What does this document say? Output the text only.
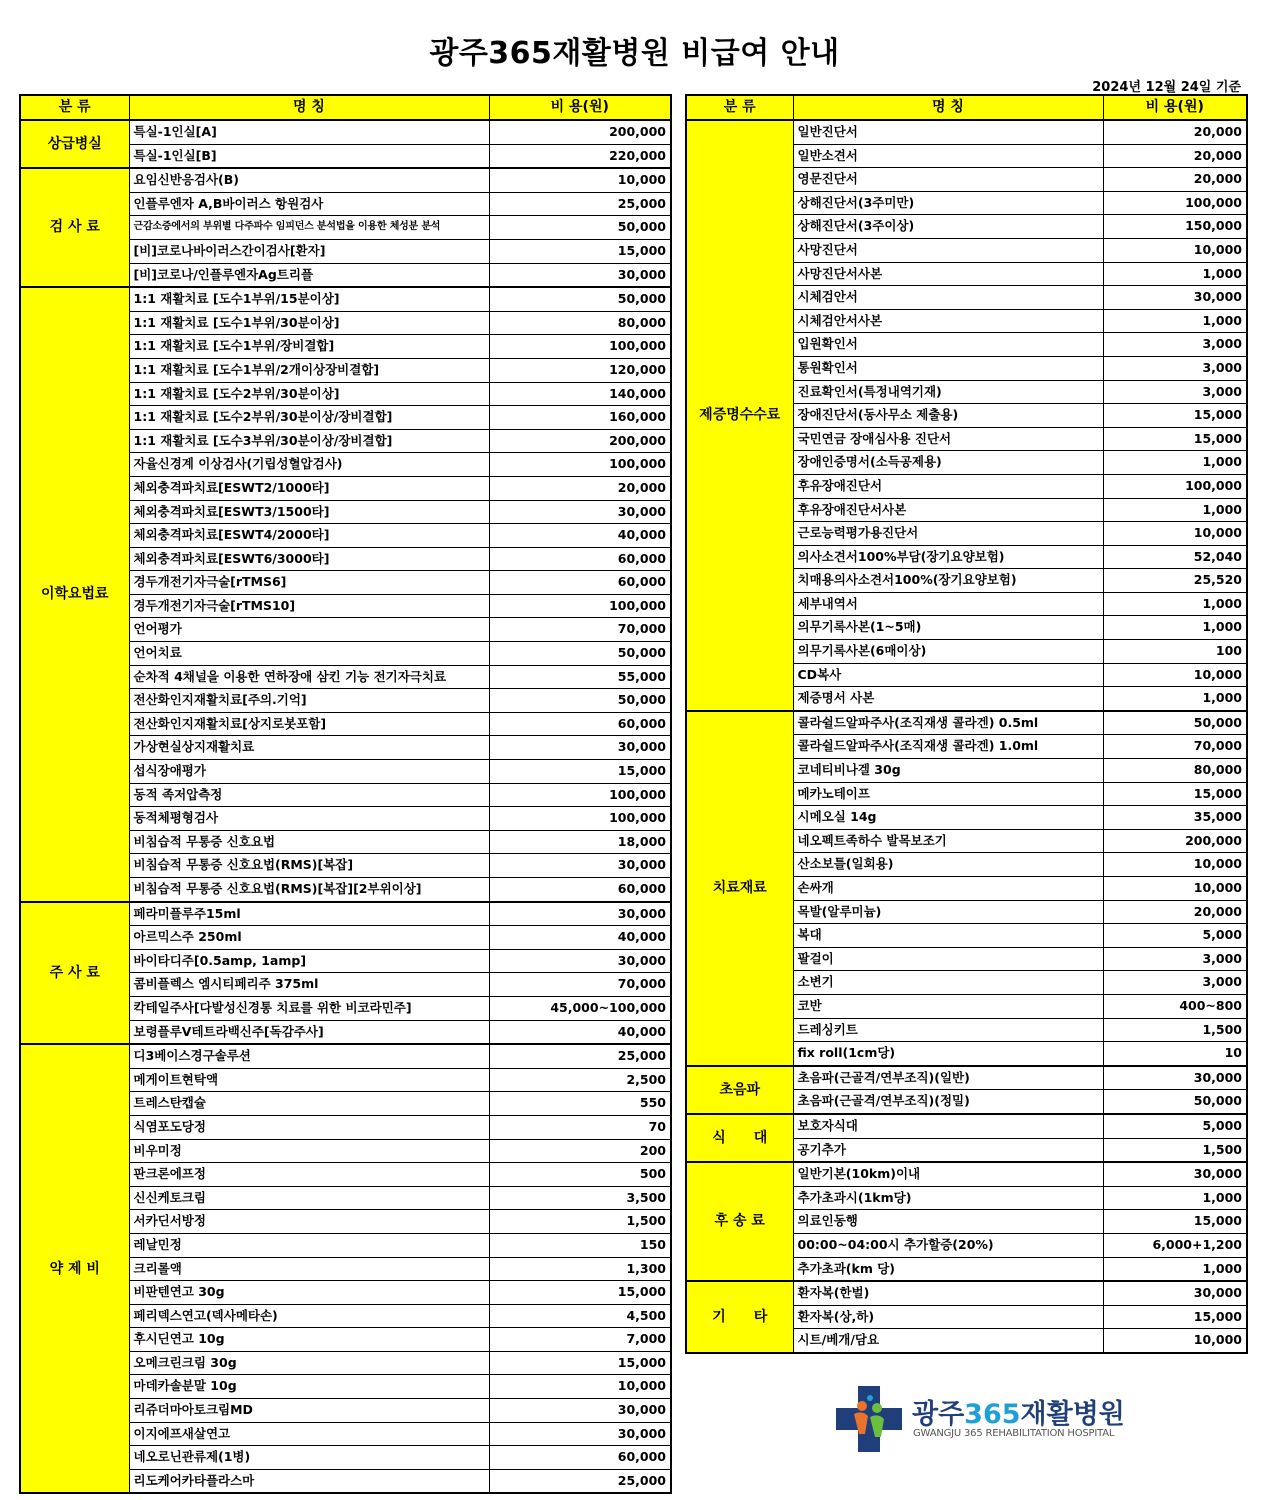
광주365재활병원 비급여 안내
2024년 12월 24일 기준
분 류	명 칭	비 용(원)
상급병실	특실-1인실[A]	200,000
	특실-1인실[B]	220,000
검 사 료	요임신반응검사(B)	10,000
	인플루엔자 A,B바이러스 항원검사	25,000
	근감소증에서의 부위별 다주파수 임피던스 분석법을 이용한 체성분 분석	50,000
	[비]코로나바이러스간이검사[환자]	15,000
	[비]코로나/인플루엔자Ag트리플	30,000
이학요법료	1:1 재활치료 [도수1부위/15분이상]	50,000
	1:1 재활치료 [도수1부위/30분이상]	80,000
	1:1 재활치료 [도수1부위/장비결합]	100,000
	1:1 재활치료 [도수1부위/2개이상장비결합]	120,000
	1:1 재활치료 [도수2부위/30분이상]	140,000
	1:1 재활치료 [도수2부위/30분이상/장비결합]	160,000
	1:1 재활치료 [도수3부위/30분이상/장비결합]	200,000
	자율신경계 이상검사(기립성혈압검사)	100,000
	체외충격파치료[ESWT2/1000타]	20,000
	체외충격파치료[ESWT3/1500타]	30,000
	체외충격파치료[ESWT4/2000타]	40,000
	체외충격파치료[ESWT6/3000타]	60,000
	경두개전기자극술[rTMS6]	60,000
	경두개전기자극술[rTMS10]	100,000
	언어평가	70,000
	언어치료	50,000
	순차적 4채널을 이용한 연하장애 삼킨 기능 전기자극치료	55,000
	전산화인지재활치료[주의.기억]	50,000
	전산화인지재활치료[상지로봇포함]	60,000
	가상현실상지재활치료	30,000
	섭식장애평가	15,000
	동적 족저압측정	100,000
	동적체평형검사	100,000
	비침습적 무통증 신호요법	18,000
	비침습적 무통증 신호요법(RMS)[복잡]	30,000
	비침습적 무통증 신호요법(RMS)[복잡][2부위이상]	60,000
주 사 료	페라미플루주15ml	30,000
	아르믹스주 250ml	40,000
	바이타디주[0.5amp, 1amp]	30,000
	콤비플렉스 엠시티페리주 375ml	70,000
	칵테일주사[다발성신경통 치료를 위한 비코라민주]	45,000~100,000
	보령플루V테트라백신주[독감주사]	40,000
약 제 비	디3베이스경구솔루션	25,000
	메게이트현탁액	2,500
	트레스탄캡슐	550
	식염포도당정	70
	비우미정	200
	판크론에프정	500
	신신케토크림	3,500
	서카딘서방정	1,500
	레날민정	150
	크리롤액	1,300
	비판텐연고 30g	15,000
	페리덱스연고(덱사메타손)	4,500
	후시딘연고 10g	7,000
	오메크린크림 30g	15,000
	마데카솔분말 10g	10,000
	리쥬더마아토크림MD	30,000
	이지에프새살연고	30,000
	네오로닌관류제(1병)	60,000
	리도케어카타플라스마	25,000
분 류	명 칭	비 용(원)
제증명수수료	일반진단서	20,000
	일반소견서	20,000
	영문진단서	20,000
	상해진단서(3주미만)	100,000
	상해진단서(3주이상)	150,000
	사망진단서	10,000
	사망진단서사본	1,000
	시체검안서	30,000
	시체검안서사본	1,000
	입원확인서	3,000
	통원확인서	3,000
	진료확인서(특정내역기재)	3,000
	장애진단서(동사무소 제출용)	15,000
	국민연금 장애심사용 진단서	15,000
	장애인증명서(소득공제용)	1,000
	후유장애진단서	100,000
	후유장애진단서사본	1,000
	근로능력평가용진단서	10,000
	의사소견서100%부담(장기요양보험)	52,040
	치매용의사소견서100%(장기요양보험)	25,520
	세부내역서	1,000
	의무기록사본(1~5매)	1,000
	의무기록사본(6매이상)	100
	CD복사	10,000
	제증명서 사본	1,000
치료재료	콜라쉴드알파주사(조직재생 콜라겐) 0.5ml	50,000
	콜라쉴드알파주사(조직재생 콜라겐) 1.0ml	70,000
	코네티비나겔 30g	80,000
	메카노테이프	15,000
	시메오실 14g	35,000
	네오펙트족하수 발목보조기	200,000
	산소보틀(일회용)	10,000
	손싸개	10,000
	목발(알루미늄)	20,000
	복대	5,000
	팔걸이	3,000
	소변기	3,000
	코반	400~800
	드레싱키트	1,500
	fix roll(1cm당)	10
초음파	초음파(근골격/연부조직)(일반)	30,000
	초음파(근골격/연부조직)(정밀)	50,000
식　　대	보호자식대	5,000
	공기추가	1,500
후 송 료	일반기본(10km)이내	30,000
	추가초과시(1km당)	1,000
	의료인동행	15,000
	00:00~04:00시 추가할증(20%)	6,000+1,200
	추가초과(km 당)	1,000
기　　타	환자복(한벌)	30,000
	환자복(상,하)	15,000
	시트/베개/담요	10,000
광주365재활병원
GWANGJU 365 REHABILITATION HOSPITAL
